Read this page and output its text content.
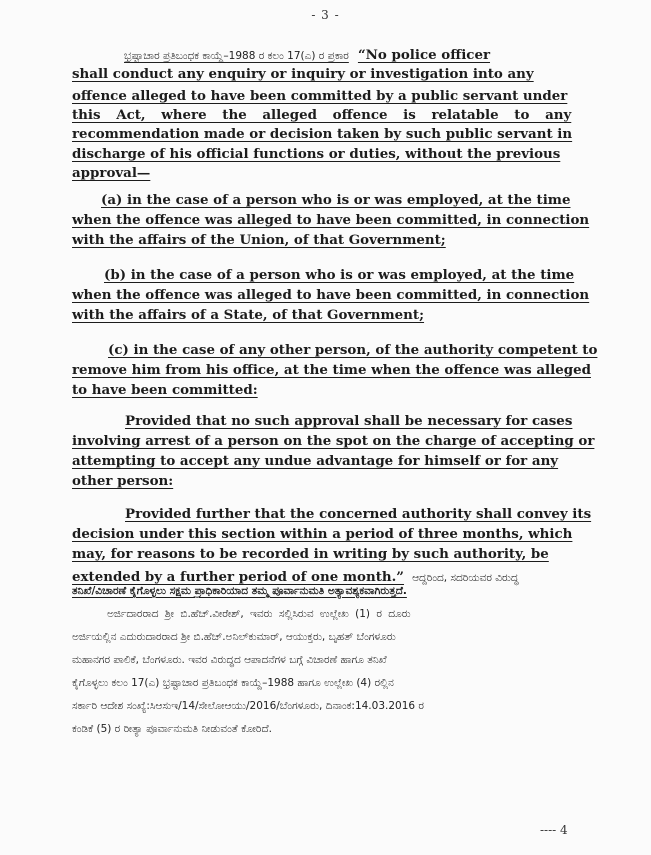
- 3 -
ಭ್ರಷ್ಟಾಚಾರ ಪ್ರತಿಬಂಧಕ ಕಾಯ್ದೆ–1988 ರ ಕಲಂ 17(ಎ) ರ ಪ್ರಕಾರ “No police officer
shall conduct any enquiry or inquiry or investigation into any
offence alleged to have been committed by a public servant under
this Act, where the alleged offence is relatable to any
recommendation made or decision taken by such public servant in
discharge of his official functions or duties, without the previous
approval—
(a) in the case of a person who is or was employed, at the time
when the offence was alleged to have been committed, in connection
with the affairs of the Union, of that Government;
(b) in the case of a person who is or was employed, at the time
when the offence was alleged to have been committed, in connection
with the affairs of a State, of that Government;
(c) in the case of any other person, of the authority competent to
remove him from his office, at the time when the offence was alleged
to have been committed:
Provided that no such approval shall be necessary for cases
involving arrest of a person on the spot on the charge of accepting or
attempting to accept any undue advantage for himself or for any
other person:
Provided further that the concerned authority shall convey its
decision under this section within a period of three months, which
may, for reasons to be recorded in writing by such authority, be
extended by a further period of one month.” ಆದ್ದರಿಂದ, ಸದರಿಯವರ ವಿರುದ್ಧ
ತನಿಖೆ/ವಿಚಾರಣೆ ಕೈಗೊಳ್ಳಲು ಸಕ್ಷಮ ಪ್ರಾಧಿಕಾರಿಯಾದ ತಮ್ಮ ಪೂರ್ವಾನುಮತಿ ಅತ್ಯಾವಶ್ಯಕವಾಗಿರುತ್ತದೆ.
ಅರ್ಜಿದಾರರಾದ ಶ್ರೀ ಬಿ.ಹೆಚ್.ವೀರೇಶ್, ಇವರು ಸಲ್ಲಿಸಿರುವ ಉಲ್ಲೇಖ (1) ರ ದೂರು
ಅರ್ಜಿಯಲ್ಲಿನ ಎದುರುದಾರರಾದ ಶ್ರೀ ಬಿ.ಹೆಚ್.ಅನಿಲ್‌ಕುಮಾರ್, ಆಯುಕ್ತರು, ಬೃಹತ್ ಬೆಂಗಳೂರು
ಮಹಾನಗರ ಪಾಲಿಕೆ, ಬೆಂಗಳೂರು. ಇವರ ವಿರುದ್ಧದ ಆಪಾದನೆಗಳ ಬಗ್ಗೆ ವಿಚಾರಣೆ ಹಾಗೂ ತನಿಖೆ
ಕೈಗೊಳ್ಳಲು ಕಲಂ 17(ಎ) ಭ್ರಷ್ಟಾಚಾರ ಪ್ರತಿಬಂಧಕ ಕಾಯ್ದೆ–1988 ಹಾಗೂ ಉಲ್ಲೇಖ (4) ರಲ್ಲಿನ
ಸರ್ಕಾರಿ ಆದೇಶ ಸಂಖ್ಯೆ:ಸಿಆಸುಇ/14/ಸೇಲೋಆಯು/2016/ಬೆಂಗಳೂರು, ದಿನಾಂಕ:14.03.2016 ರ
ಕಂಡಿಕೆ (5) ರ ರೀತ್ಯಾ ಪೂರ್ವಾನುಮತಿ ನೀಡುವಂತೆ ಕೋರಿದೆ.
---- 4
